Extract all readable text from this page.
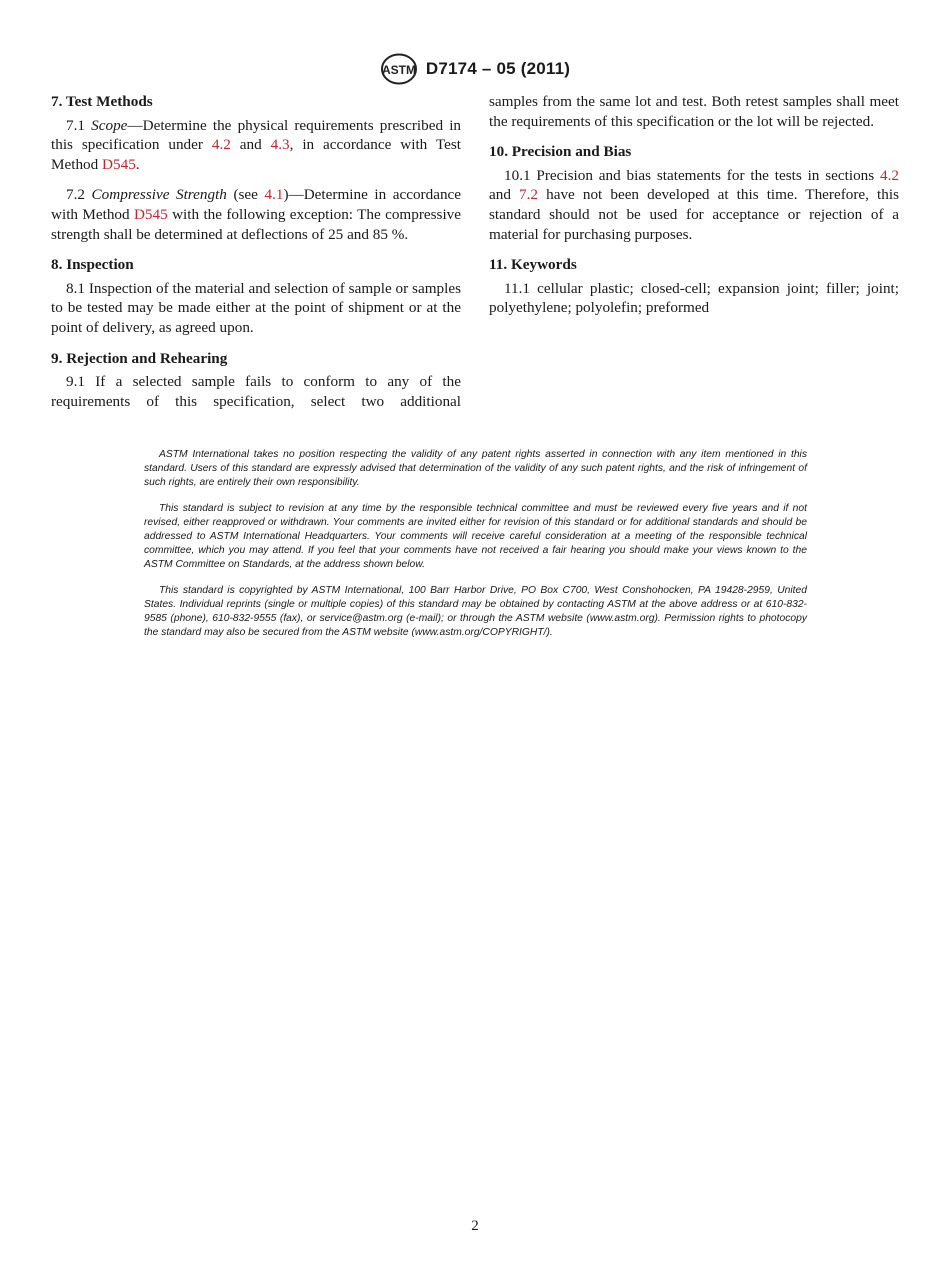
ASTM D7174 – 05 (2011)
7. Test Methods

7.1 Scope—Determine the physical requirements prescribed in this specification under 4.2 and 4.3, in accordance with Test Method D545.

7.2 Compressive Strength (see 4.1)—Determine in accordance with Method D545 with the following exception: The compressive strength shall be determined at deflections of 25 and 85 %.

8. Inspection

8.1 Inspection of the material and selection of sample or samples to be tested may be made either at the point of shipment or at the point of delivery, as agreed upon.

9. Rejection and Rehearing

9.1 If a selected sample fails to conform to any of the requirements of this specification, select two additional

samples from the same lot and test. Both retest samples shall meet the requirements of this specification or the lot will be rejected.

10. Precision and Bias

10.1 Precision and bias statements for the tests in sections 4.2 and 7.2 have not been developed at this time. Therefore, this standard should not be used for acceptance or rejection of a material for purchasing purposes.

11. Keywords

11.1 cellular plastic; closed-cell; expansion joint; filler; joint; polyethylene; polyolefin; preformed

ASTM International takes no position respecting the validity of any patent rights asserted in connection with any item mentioned in this standard. Users of this standard are expressly advised that determination of the validity of any such patent rights, and the risk of infringement of such rights, are entirely their own responsibility.

This standard is subject to revision at any time by the responsible technical committee and must be reviewed every five years and if not revised, either reapproved or withdrawn. Your comments are invited either for revision of this standard or for additional standards and should be addressed to ASTM International Headquarters. Your comments will receive careful consideration at a meeting of the responsible technical committee, which you may attend. If you feel that your comments have not received a fair hearing you should make your views known to the ASTM Committee on Standards, at the address shown below.

This standard is copyrighted by ASTM International, 100 Barr Harbor Drive, PO Box C700, West Conshohocken, PA 19428-2959, United States. Individual reprints (single or multiple copies) of this standard may be obtained by contacting ASTM at the above address or at 610-832-9585 (phone), 610-832-9555 (fax), or service@astm.org (e-mail); or through the ASTM website (www.astm.org). Permission rights to photocopy the standard may also be secured from the ASTM website (www.astm.org/COPYRIGHT/).

2
